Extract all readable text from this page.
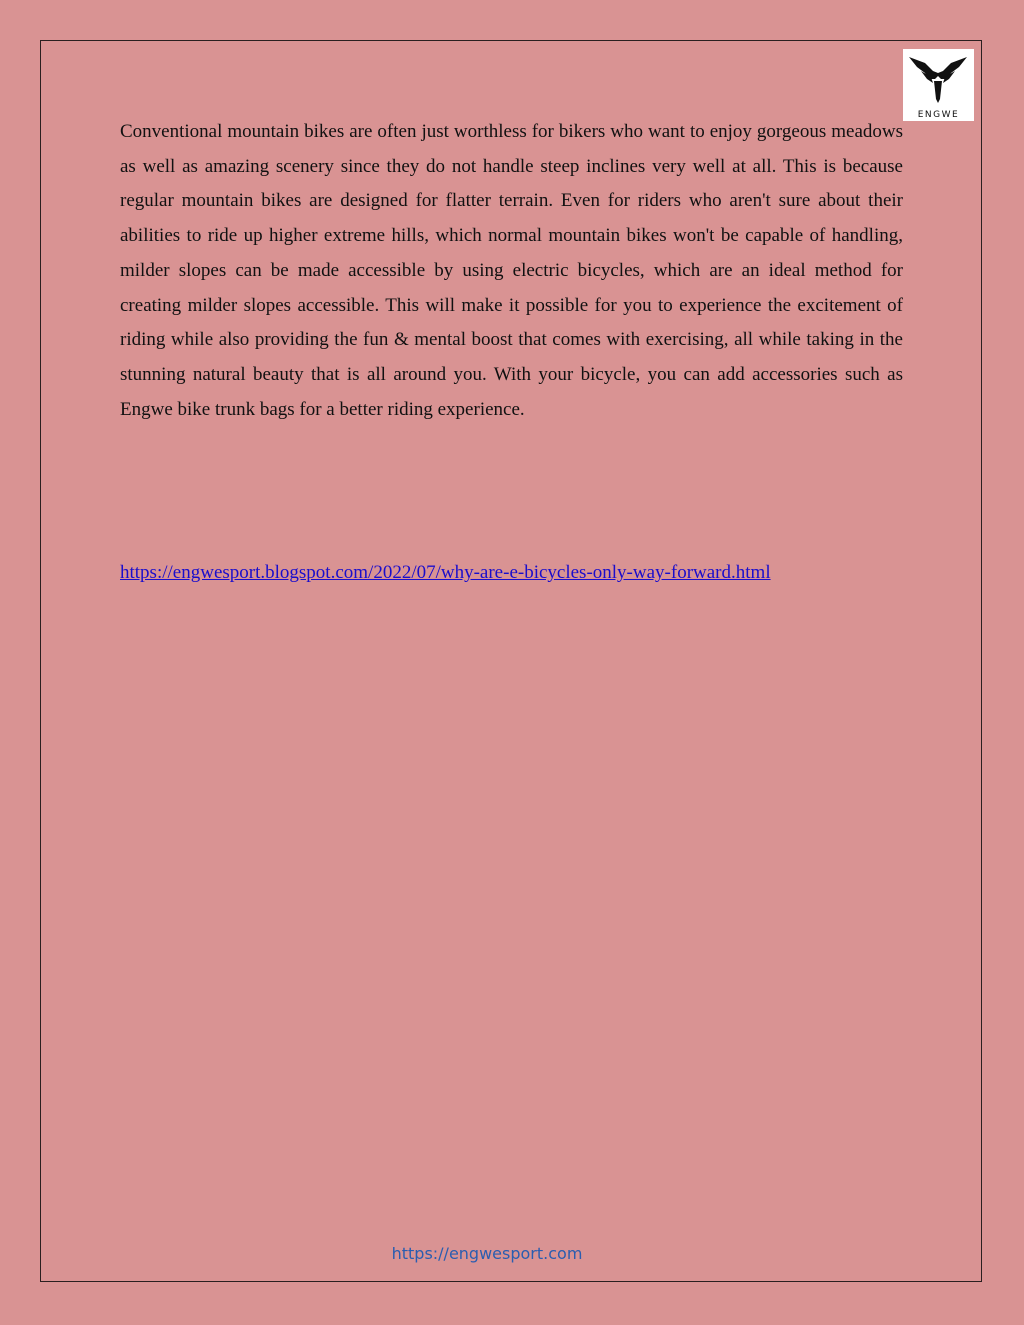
ENGWE

Conventional mountain bikes are often just worthless for bikers who want to enjoy gorgeous meadows as well as amazing scenery since they do not handle steep inclines very well at all. This is because regular mountain bikes are designed for flatter terrain. Even for riders who aren't sure about their abilities to ride up higher extreme hills, which normal mountain bikes won't be capable of handling, milder slopes can be made accessible by using electric bicycles, which are an ideal method for creating milder slopes accessible. This will make it possible for you to experience the excitement of riding while also providing the fun & mental boost that comes with exercising, all while taking in the stunning natural beauty that is all around you. With your bicycle, you can add accessories such as Engwe bike trunk bags for a better riding experience.

https://engwesport.blogspot.com/2022/07/why-are-e-bicycles-only-way-forward.html
https://engwesport.com
